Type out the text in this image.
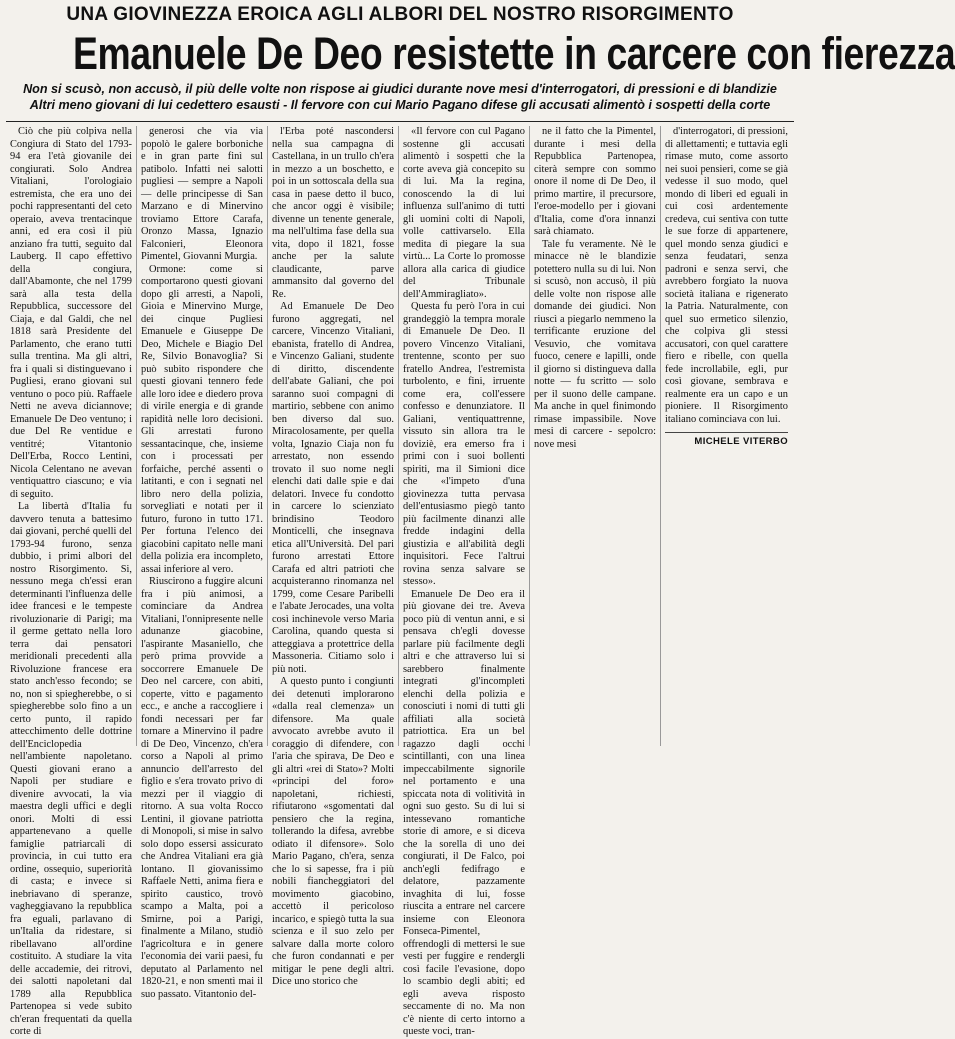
UNA GIOVINEZZA EROICA AGLI ALBORI DEL NOSTRO RISORGIMENTO
Emanuele De Deo resistette in carcere con fierezza
Non si scusò, non accusò, il più delle volte non rispose ai giudici durante nove mesi d'interrogatori, di pressioni e di blandizie
Altri meno giovani di lui cedettero esausti - Il fervore con cui Mario Pagano difese gli accusati alimentò i sospetti della corte

Ciò che più colpiva nella Congiura di Stato del 1793-94 era l'età giovanile dei congiurati. Solo Andrea Vitaliani, l'orologiaio estremista, che era uno dei pochi rappresentanti del ceto operaio, aveva trentacinque anni, ed era così il più anziano fra tutti, seguito dal Lauberg. Il capo effettivo della congiura, dall'Abamonte, che nel 1799 sarà alla testa della Repubblica, successore del Ciaja, e dal Galdi, che nel 1818 sarà Presidente del Parlamento, che erano tutti sulla trentina. Ma gli altri, fra i quali si distinguevano i Pugliesi, erano giovani sul ventuno o poco più. Raffaele Netti ne aveva diciannove; Emanuele De Deo ventuno; i due Del Re ventidue e ventitré; Vitantonio Dell'Erba, Rocco Lentini, Nicola Celentano ne avevan ventiquattro ciascuno; e via di seguito.

La libertà d'Italia fu davvero tenuta a battesimo dai giovani, perché quelli del 1793-94 furono, senza dubbio, i primi albori del nostro Risorgimento. Si, nessuno mega ch'essi eran determinanti l'influenza delle idee francesi e le tempeste rivoluzionarie di Parigi; ma il germe gettato nella loro terra dai pensatori meridionali precedenti alla Rivoluzione francese era stato anch'esso fecondo; se no, non si spiegherebbe, o si spiegherebbe solo fino a un certo punto, il rapido attecchimento delle dottrine dell'Enciclopedia nell'ambiente napoletano. Questi giovani erano a Napoli per studiare e divenire avvocati, la via maestra degli uffici e degli onori. Molti di essi appartenevano a quelle famiglie patriarcali di provincia, in cui tutto era ordine, ossequio, superiorità di casta; e invece si inebriavano di speranze, vagheggiavano la repubblica fra eguali, parlavano di un'Italia da ridestare, si ribellavano all'ordine costituito. A studiare la vita delle accademie, dei ritrovi, dei salotti napoletani dal 1789 alla Repubblica Partenopea si vede subito ch'eran frequentati da quella corte di

generosi che via via popolò le galere borboniche e in gran parte finì sul patibolo. Infatti nei salotti pugliesi — sempre a Napoli — delle principesse di San Marzano e di Minervino troviamo Ettore Carafa, Oronzo Massa, Ignazio Falconieri, Eleonora Pimentel, Giovanni Murgia.

Ormone: come si comportarono questi giovani dopo gli arresti, a Napoli, Gioia e Minervino Murge, dei cinque Pugliesi Emanuele e Giuseppe De Deo, Michele e Biagio Del Re, Silvio Bonavoglia? Si può subito rispondere che questi giovani tennero fede alle loro idee e diedero prova di virile energia e di grande rapidità nelle loro decisioni. Gli arrestati furono sessantacinque, che, insieme con i processati per forfaiche, perché assenti o latitanti, e con i segnati nel libro nero della polizia, sorvegliati e notati per il futuro, furono in tutto 171. Per fortuna l'elenco dei giacobini capitato nelle mani della polizia era incompleto, assai inferiore al vero.

Riuscirono a fuggire alcuni fra i più animosi, a cominciare da Andrea Vitaliani, l'onnipresente nelle adunanze giacobine, l'aspirante Masaniello, che però prima provvide a soccorrere Emanuele De Deo nel carcere, con abiti, coperte, vitto e pagamento ecc., e anche a raccogliere i fondi necessari per far tornare a Minervino il padre di De Deo, Vincenzo, ch'era corso a Napoli al primo annuncio dell'arresto del figlio e s'era trovato privo di mezzi per il viaggio di ritorno. A sua volta Rocco Lentini, il giovane patriotta di Monopoli, si mise in salvo solo dopo essersi assicurato che Andrea Vitaliani era già lontano. Il giovanissimo Raffaele Netti, anima fiera e spirito caustico, trovò scampo a Malta, poi a Smirne, poi a Parigi, finalmente a Milano, studiò l'agricoltura e in genere l'economia dei varii paesi, fu deputato al Parlamento nel 1820-21, e non smentì mai il suo passato. Vitantonio del-

l'Erba poté nascondersi nella sua campagna di Castellana, in un trullo ch'era in mezzo a un boschetto, e poi in un sottoscala della sua casa in paese detto il buco, che ancor oggi è visibile; divenne un tenente generale, ma nell'ultima fase della sua vita, dopo il 1821, fosse anche per la salute claudicante, parve ammansito dal governo del Re.

Ad Emanuele De Deo furono aggregati, nel carcere, Vincenzo Vitaliani, ebanista, fratello di Andrea, e Vincenzo Galiani, studente di diritto, discendente dell'abate Galiani, che poi saranno suoi compagni di martirio, sebbene con animo ben diverso dal suo. Miracolosamente, per quella volta, Ignazio Ciaja non fu arrestato, non essendo trovato il suo nome negli elenchi dati dalle spie e dai delatori. Invece fu condotto in carcere lo scienziato brindisino Teodoro Monticelli, che insegnava etica all'Università. Del pari furono arrestati Ettore Carafa ed altri patrioti che acquisteranno rinomanza nel 1799, come Cesare Paribelli e l'abate Jerocades, una volta così inchinevole verso Maria Carolina, quando questa si atteggiava a protettrice della Massoneria. Citiamo solo i più noti.

A questo punto i congiunti dei detenuti implorarono «dalla real clemenza» un difensore. Ma quale avvocato avrebbe avuto il coraggio di difendere, con l'aria che spirava, De Deo e gli altri «rei di Stato»? Molti «principi del foro» napoletani, richiesti, rifiutarono «sgomentati dal pensiero che la regina, tollerando la difesa, avrebbe odiato il difensore». Solo Mario Pagano, ch'era, senza che lo si sapesse, fra i più nobili fiancheggiatori del movimento giacobino, accettò il pericoloso incarico, e spiegò tutta la sua scienza e il suo zelo per salvare dalla morte coloro che furon condannati e per mitigar le pene degli altri. Dice uno storico che

«Il fervore con cul Pagano sostenne gli accusati alimentò i sospetti che la corte aveva già concepito su di lui. Ma la regina, conoscendo la di lui influenza sull'animo di tutti gli uomini colti di Napoli, volle cattivarselo. Ella medita di piegare la sua virtù... La Corte lo promosse allora alla carica di giudice del Tribunale dell'Ammiragliato».

Questa fu però l'ora in cui grandeggiò la tempra morale di Emanuele De Deo. Il povero Vincenzo Vitaliani, trentenne, sconto per suo fratello Andrea, l'estremista turbolento, e fini, irruente come era, coll'essere confesso e denunziatore. Il Galiani, ventiquattrenne, vissuto sin allora tra le doviziè, era emerso fra i primi con i suoi bollenti spiriti, ma il Simioni dice che «l'impeto d'una giovinezza tutta pervasa dell'entusiasmo piegò tanto più facilmente dinanzi alle fredde indagini della giustizia e all'abilità degli inquisitori. Fece l'altrui rovina senza salvare se stesso».

Emanuele De Deo era il più giovane dei tre. Aveva poco più di ventun anni, e si pensava ch'egli dovesse parlare più facilmente degli altri e che attraverso lui si sarebbero finalmente integrati gl'incompleti elenchi della polizia e conosciuti i nomi di tutti gli affiliati alla società patriottica. Era un bel ragazzo dagli occhi scintillanti, con una linea impeccabilmente signorile nel portamento e una spiccata nota di volitività in ogni suo gesto. Su di lui si intessevano romantiche storie di amore, e si diceva che la sorella di uno dei congiurati, il De Falco, poi anch'egli fedifrago e delatore, pazzamente invaghita di lui, fosse riuscita a entrare nel carcere insieme con Eleonora Fonseca-Pimentel, offrendogli di mettersi le sue vesti per fuggire e rendergli così facile l'evasione, dopo lo scambio degli abiti; ed egli aveva risposto seccamente di no. Ma non c'è niente di certo intorno a queste voci, tran-

ne il fatto che la Pimentel, durante i mesi della Repubblica Partenopea, citerà sempre con sommo onore il nome di De Deo, il primo martire, il precursore, l'eroe-modello per i giovani d'Italia, come d'ora innanzi sarà chiamato.

Tale fu veramente. Nè le minacce nè le blandizie potettero nulla su di lui. Non si scusò, non accusò, il più delle volte non rispose alle domande dei giudici. Non riuscì a piegarlo nemmeno la terrificante eruzione del Vesuvio, che vomitava fuoco, cenere e lapilli, onde il giorno si distingueva dalla notte — fu scritto — solo per il suono delle campane. Ma anche in quel finimondo rimase impassibile. Nove mesi di carcere - sepolcro: nove mesi

d'interrogatori, di pressioni, di allettamenti; e tuttavia egli rimase muto, come assorto nei suoi pensieri, come se già vedesse il suo modo, quel mondo di liberi ed eguali in cui così ardentemente credeva, cui sentiva con tutte le sue forze di appartenere, quel mondo senza giudici e senza feudatari, senza padroni e senza servi, che avrebbero forgiato la nuova società italiana e rigenerato la Patria. Naturalmente, con quel suo ermetico silenzio, che colpiva gli stessi accusatori, con quel carattere fiero e ribelle, con quella fede incrollabile, egli, pur così giovane, sembrava e realmente era un capo e un pioniere. Il Risorgimento italiano cominciava con lui.

MICHELE VITERBO
